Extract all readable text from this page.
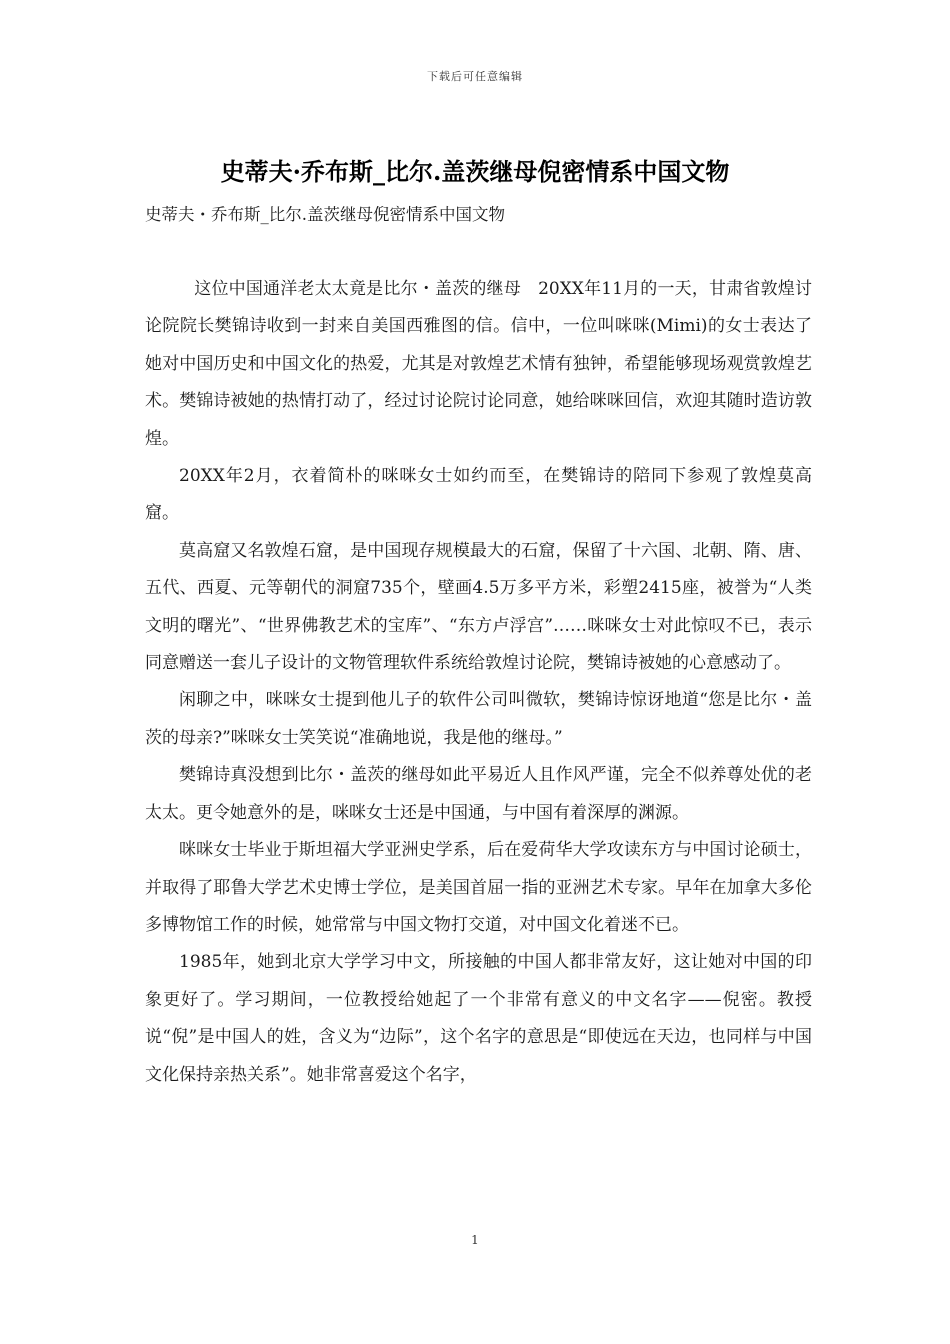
下载后可任意编辑
史蒂夫·乔布斯_比尔.盖茨继母倪密情系中国文物
史蒂夫・乔布斯_比尔.盖茨继母倪密情系中国文物

这位中国通洋老太太竟是比尔・盖茨的继母　20XX年11月的一天，甘肃省敦煌讨论院院长樊锦诗收到一封来自美国西雅图的信。信中，一位叫咪咪(Mimi)的女士表达了她对中国历史和中国文化的热爱，尤其是对敦煌艺术情有独钟，希望能够现场观赏敦煌艺术。樊锦诗被她的热情打动了，经过讨论院讨论同意，她给咪咪回信，欢迎其随时造访敦煌。

20XX年2月，衣着简朴的咪咪女士如约而至，在樊锦诗的陪同下参观了敦煌莫高窟。

莫高窟又名敦煌石窟，是中国现存规模最大的石窟，保留了十六国、北朝、隋、唐、五代、西夏、元等朝代的洞窟735个，壁画4.5万多平方米，彩塑2415座，被誉为“人类文明的曙光”、“世界佛教艺术的宝库”、“东方卢浮宫”……咪咪女士对此惊叹不已，表示同意赠送一套儿子设计的文物管理软件系统给敦煌讨论院，樊锦诗被她的心意感动了。

闲聊之中，咪咪女士提到他儿子的软件公司叫微软，樊锦诗惊讶地道“您是比尔・盖茨的母亲?”咪咪女士笑笑说“准确地说，我是他的继母。”

樊锦诗真没想到比尔・盖茨的继母如此平易近人且作风严谨，完全不似养尊处优的老太太。更令她意外的是，咪咪女士还是中国通，与中国有着深厚的渊源。

咪咪女士毕业于斯坦福大学亚洲史学系，后在爱荷华大学攻读东方与中国讨论硕士，并取得了耶鲁大学艺术史博士学位，是美国首屈一指的亚洲艺术专家。早年在加拿大多伦多博物馆工作的时候，她常常与中国文物打交道，对中国文化着迷不已。

1985年，她到北京大学学习中文，所接触的中国人都非常友好，这让她对中国的印象更好了。学习期间，一位教授给她起了一个非常有意义的中文名字——倪密。教授说“倪”是中国人的姓，含义为“边际”，这个名字的意思是“即使远在天边，也同样与中国文化保持亲热关系”。她非常喜爱这个名字，

1
